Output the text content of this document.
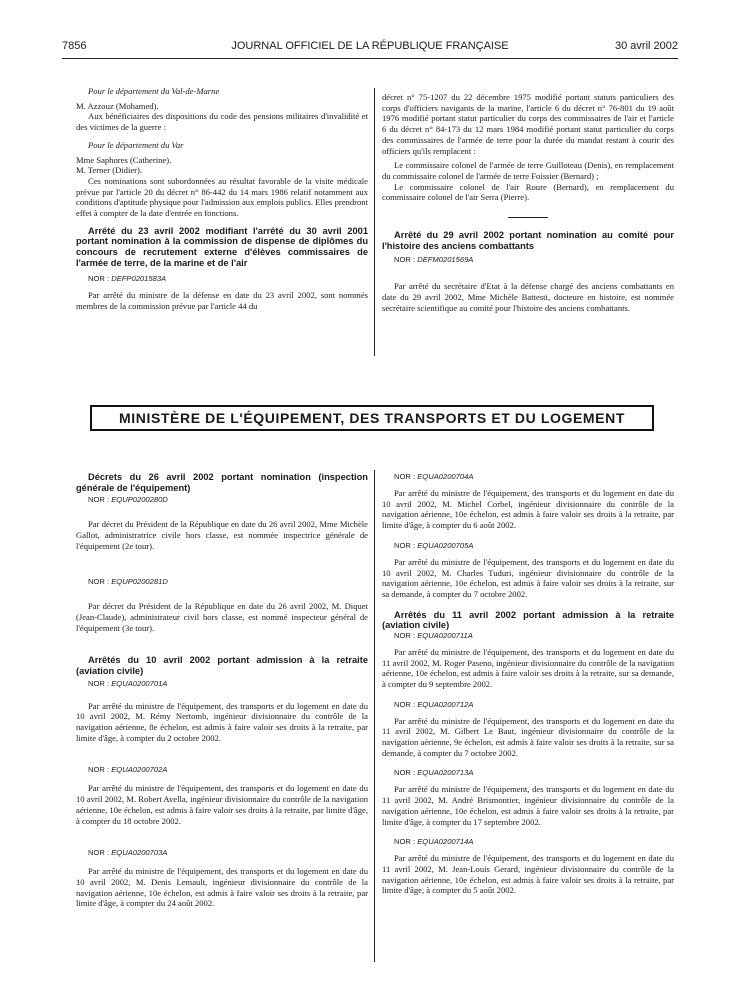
7856	JOURNAL OFFICIEL DE LA RÉPUBLIQUE FRANÇAISE	30 avril 2002

Pour le département du Val-de-Marne

M. Azzouz (Mohamed).

Aux bénéficiaires des dispositions du code des pensions militaires d'invalidité et des victimes de la guerre :

Pour le département du Var

Mme Saphores (Catherine).

M. Terner (Didier).

Ces nominations sont subordonnées au résultat favorable de la visite médicale prévue par l'article 20 du décret n° 86-442 du 14 mars 1986 relatif notamment aux conditions d'aptitude physique pour l'admission aux emplois publics. Elles prendront effet à compter de la date d'entrée en fonctions.

Arrêté du 23 avril 2002 modifiant l'arrêté du 30 avril 2001 portant nomination à la commission de dispense de diplômes du concours de recrutement externe d'élèves commissaires de l'armée de terre, de la marine et de l'air

NOR : DEFP0201583A

Par arrêté du ministre de la défense en date du 23 avril 2002, sont nommés membres de la commission prévue par l'article 44 du

décret n° 75-1207 du 22 décembre 1975 modifié portant statuts particuliers des corps d'officiers navigants de la marine, l'article 6 du décret n° 76-801 du 19 août 1976 modifié portant statut particulier du corps des commissaires de l'air et l'article 6 du décret n° 84-173 du 12 mars 1984 modifié portant statut particulier du corps des commissaires de l'armée de terre pour la durée du mandat restant à courir des officiers qu'ils remplacent :

Le commissaire colonel de l'armée de terre Guilloteau (Denis), en remplacement du commissaire colonel de l'armée de terre Foissier (Bernard) ;

Le commissaire colonel de l'air Roure (Bernard), en remplacement du commissaire colonel de l'air Serra (Pierre).

Arrêté du 29 avril 2002 portant nomination au comité pour l'histoire des anciens combattants

NOR : DEFM0201569A

Par arrêté du secrétaire d'Etat à la défense chargé des anciens combattants en date du 29 avril 2002, Mme Michèle Battesti, docteure en histoire, est nommée secrétaire scientifique au comité pour l'histoire des anciens combattants.

MINISTÈRE DE L'ÉQUIPEMENT, DES TRANSPORTS ET DU LOGEMENT

Décrets du 26 avril 2002 portant nomination (inspection générale de l'équipement)

NOR : EQUP0200280D

Par décret du Président de la République en date du 26 avril 2002, Mme Michèle Gallot, administratrice civile hors classe, est nommée inspectrice générale de l'équipement (2e tour).

NOR : EQUP0200281D

Par décret du Président de la République en date du 26 avril 2002, M. Diquet (Jean-Claude), administrateur civil hors classe, est nommé inspecteur général de l'équipement (3e tour).

Arrêtés du 10 avril 2002 portant admission à la retraite (aviation civile)

NOR : EQUA0200701A

Par arrêté du ministre de l'équipement, des transports et du logement en date du 10 avril 2002, M. Rémy Nertomb, ingénieur divisionnaire du contrôle de la navigation aérienne, 8e échelon, est admis à faire valoir ses droits à la retraite, par limite d'âge, à compter du 2 octobre 2002.

NOR : EQUA0200702A

Par arrêté du ministre de l'équipement, des transports et du logement en date du 10 avril 2002, M. Robert Avella, ingénieur divisionnaire du contrôle de la navigation aérienne, 10e échelon, est admis à faire valoir ses droits à la retraite, par limite d'âge, à compter du 18 octobre 2002.

NOR : EQUA0200703A

Par arrêté du ministre de l'équipement, des transports et du logement en date du 10 avril 2002, M. Denis Lemault, ingénieur divisionnaire du contrôle de la navigation aérienne, 10e échelon, est admis à faire valoir ses droits à la retraite, par limite d'âge, à compter du 24 août 2002.

NOR : EQUA0200704A

Par arrêté du ministre de l'équipement, des transports et du logement en date du 10 avril 2002, M. Michel Corbel, ingénieur divisionnaire du contrôle de la navigation aérienne, 10e échelon, est admis à faire valoir ses droits à la retraite, par limite d'âge, à compter du 6 août 2002.

NOR : EQUA0200705A

Par arrêté du ministre de l'équipement, des transports et du logement en date du 10 avril 2002, M. Charles Tuduri, ingénieur divisionnaire du contrôle de la navigation aérienne, 10e échelon, est admis à faire valoir ses droits à la retraite, sur sa demande, à compter du 7 octobre 2002.

Arrêtés du 11 avril 2002 portant admission à la retraite (aviation civile)

NOR : EQUA0200711A

Par arrêté du ministre de l'équipement, des transports et du logement en date du 11 avril 2002, M. Roger Paseno, ingénieur divisionnaire du contrôle de la navigation aérienne, 10e échelon, est admis à faire valoir ses droits à la retraite, sur sa demande, à compter du 9 septembre 2002.

NOR : EQUA0200712A

Par arrêté du ministre de l'équipement, des transports et du logement en date du 11 avril 2002, M. Gilbert Le Baut, ingénieur divisionnaire du contrôle de la navigation aérienne, 9e échelon, est admis à faire valoir ses droits à la retraite, sur sa demande, à compter du 7 octobre 2002.

NOR : EQUA0200713A

Par arrêté du ministre de l'équipement, des transports et du logement en date du 11 avril 2002, M. André Brismontier, ingénieur divisionnaire du contrôle de la navigation aérienne, 10e échelon, est admis à faire valoir ses droits à la retraite, par limite d'âge, à compter du 17 septembre 2002.

NOR : EQUA0200714A

Par arrêté du ministre de l'équipement, des transports et du logement en date du 11 avril 2002, M. Jean-Louis Gerard, ingénieur divisionnaire du contrôle de la navigation aérienne, 10e échelon, est admis à faire valoir ses droits à la retraite, par limite d'âge, à compter du 5 août 2002.
